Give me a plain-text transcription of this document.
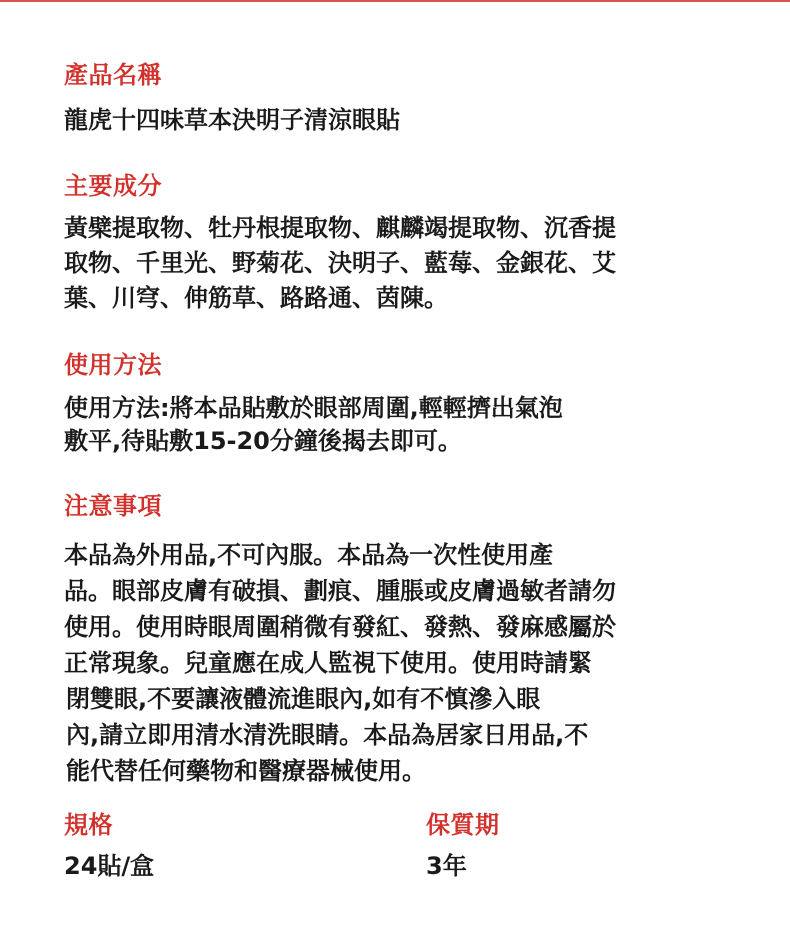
產品名稱
龍虎十四味草本決明子清涼眼貼
主要成分
黃檗提取物、牡丹根提取物、麒麟竭提取物、沉香提
取物、千里光、野菊花、決明子、藍莓、金銀花、艾
葉、川穹、伸筋草、路路通、茵陳。
使用方法
使用方法:將本品貼敷於眼部周圍,輕輕擠出氣泡
敷平,待貼敷15-20分鐘後揭去即可。
注意事項
本品為外用品,不可內服。本品為一次性使用產
品。眼部皮膚有破損、劃痕、腫脹或皮膚過敏者請勿
使用。使用時眼周圍稍微有發紅、發熱、發麻感屬於
正常現象。兒童應在成人監視下使用。使用時請緊
閉雙眼,不要讓液體流進眼內,如有不慎滲入眼
內,請立即用清水清洗眼睛。本品為居家日用品,不
能代替任何藥物和醫療器械使用。
規格
24貼/盒
保質期
3年
